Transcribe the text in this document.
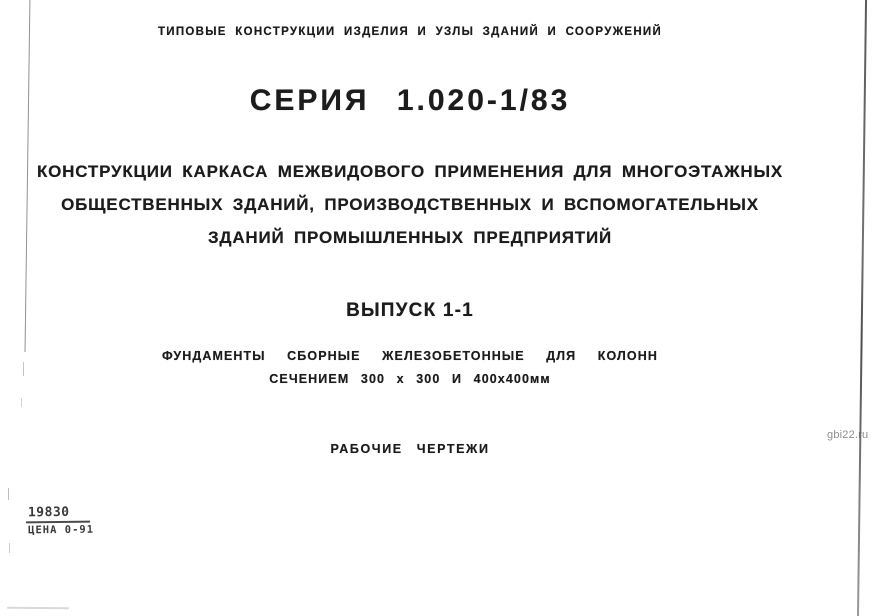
ТИПОВЫЕ КОНСТРУКЦИИ ИЗДЕЛИЯ И УЗЛЫ ЗДАНИЙ И СООРУЖЕНИЙ
СЕРИЯ 1.020-1/83
КОНСТРУКЦИИ КАРКАСА МЕЖВИДОВОГО ПРИМЕНЕНИЯ ДЛЯ МНОГОЭТАЖНЫХ
ОБЩЕСТВЕННЫХ ЗДАНИЙ, ПРОИЗВОДСТВЕННЫХ И ВСПОМОГАТЕЛЬНЫХ
ЗДАНИЙ ПРОМЫШЛЕННЫХ ПРЕДПРИЯТИЙ
ВЫПУСК 1-1
ФУНДАМЕНТЫ СБОРНЫЕ ЖЕЛЕЗОБЕТОННЫЕ ДЛЯ КОЛОНН
СЕЧЕНИЕМ 300 x 300 И 400x400мм
РАБОЧИЕ ЧЕРТЕЖИ
19830
ЦЕНА 0-91
gbi22.ru
